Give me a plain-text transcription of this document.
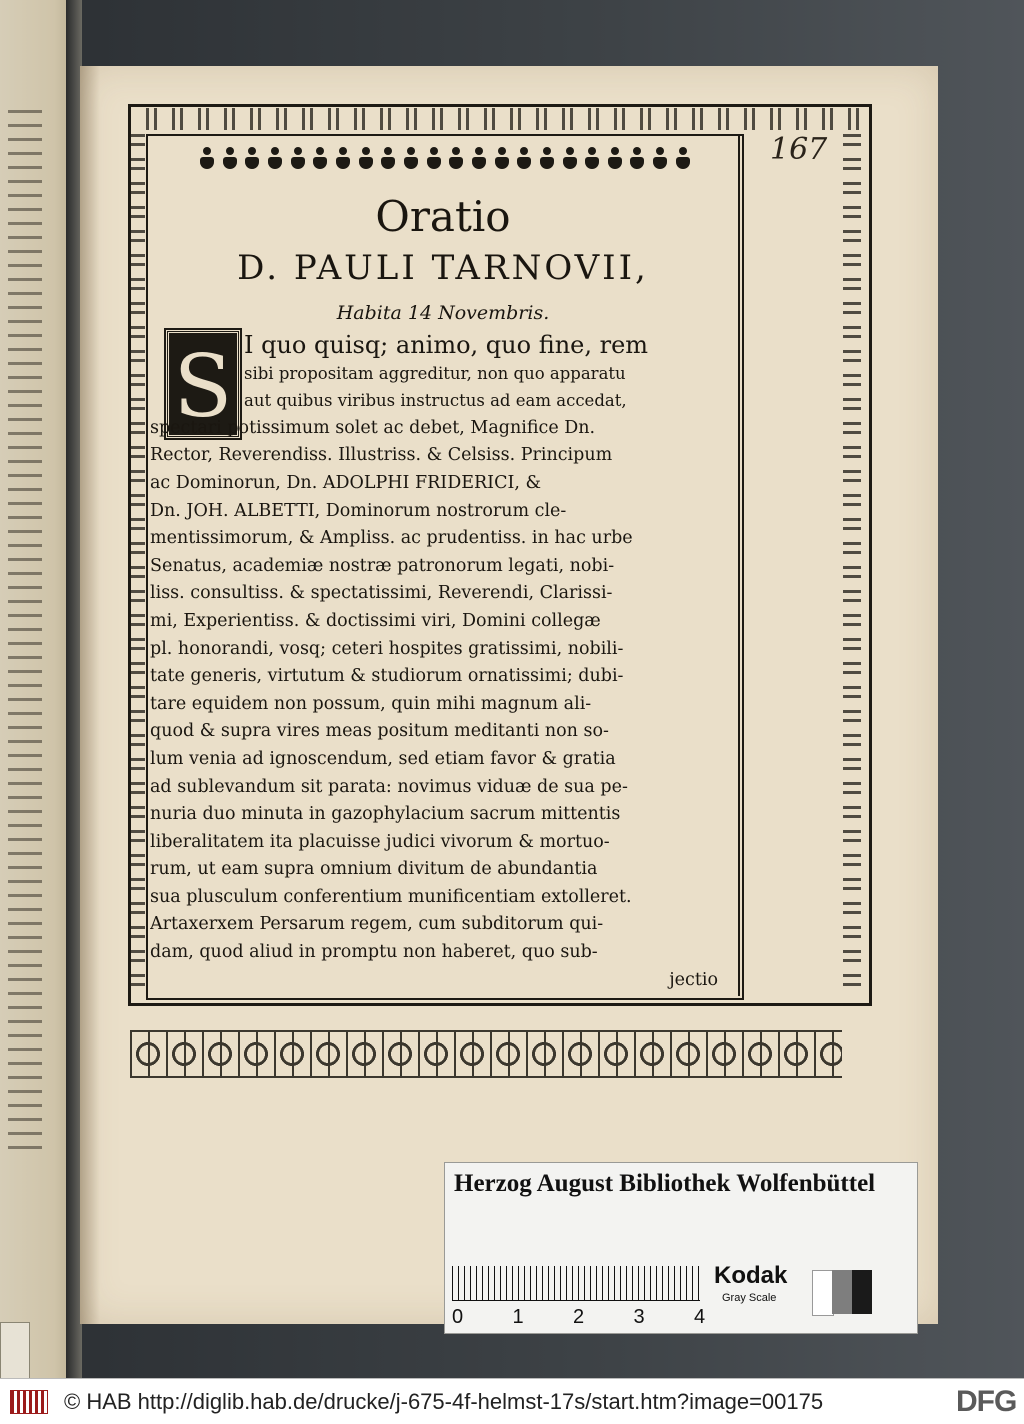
167
Oratio
D. PAULI TARNOVII,
Habita 14 Novembris.
S I quo quisq; animo, quo fine, rem
sibi propositam aggreditur, non quo apparatu
aut quibus viribus instructus ad eam accedat,
spectari potissimum solet ac debet, Magnifice Dn.
Rector, Reverendiss. Illustriss. & Celsiss. Principum
ac Dominorun, Dn. ADOLPHI FRIDERICI, &
Dn. JOH. ALBETTI, Dominorum nostrorum cle-
mentissimorum, & Ampliss. ac prudentiss. in hac urbe
Senatus, academiæ nostræ patronorum legati, nobi-
liss. consultiss. & spectatissimi, Reverendi, Clarissi-
mi, Experientiss. & doctissimi viri, Domini collegæ
pl. honorandi, vosq; ceteri hospites gratissimi, nobili-
tate generis, virtutum & studiorum ornatissimi; dubi-
tare equidem non possum, quin mihi magnum ali-
quod & supra vires meas positum meditanti non so-
lum venia ad ignoscendum, sed etiam favor & gratia
ad sublevandum sit parata: novimus viduæ de sua pe-
nuria duo minuta in gazophylacium sacrum mittentis
liberalitatem ita placuisse judici vivorum & mortuo-
rum, ut eam supra omnium divitum de abundantia
sua plusculum conferentium munificentiam extolleret.
Artaxerxem Persarum regem, cum subditorum qui-
dam, quod aliud in promptu non haberet, quo sub-
jectio
Herzog August Bibliothek Wolfenbüttel
0	1	2	3	4
Kodak
Gray Scale
© HAB http://diglib.hab.de/drucke/j-675-4f-helmst-17s/start.htm?image=00175	DFG
